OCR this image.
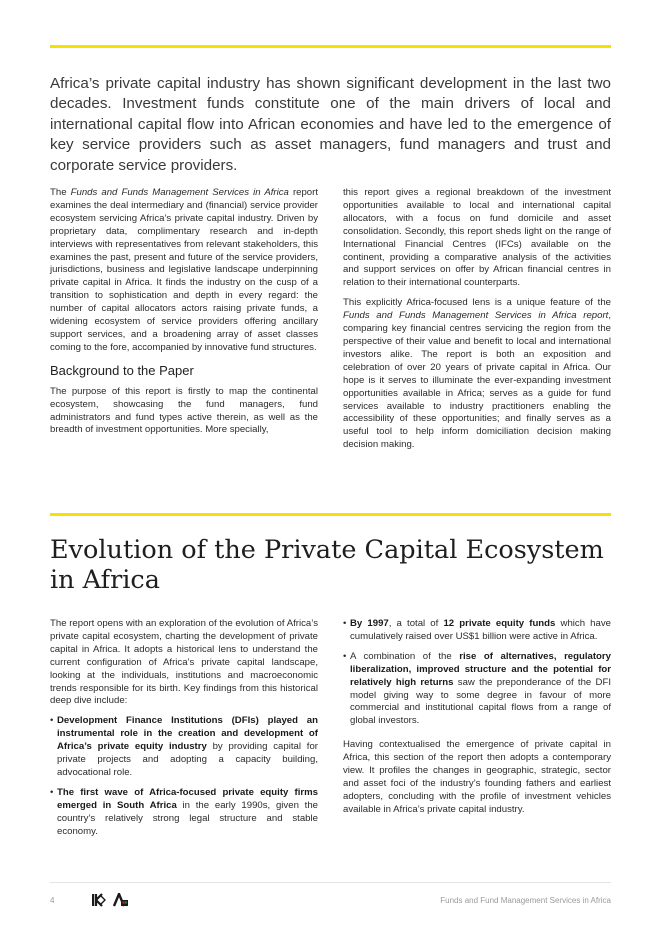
Africa’s private capital industry has shown significant development in the last two decades. Investment funds constitute one of the main drivers of local and international capital flow into African economies and have led to the emergence of key service providers such as asset managers, fund managers and trust and corporate service providers.

The Funds and Funds Management Services in Africa report examines the deal intermediary and (financial) service provider ecosystem servicing Africa’s private capital industry. Driven by proprietary data, complimentary research and in-depth interviews with representatives from relevant stakeholders, this examines the past, present and future of the service providers, jurisdictions, business and legislative landscape underpinning private capital in Africa. It finds the industry on the cusp of a transition to sophistication and depth in every regard: the number of capital allocators actors raising private funds, a widening ecosystem of service providers offering ancillary support services, and a broadening array of asset classes coming to the fore, accompanied by innovative fund structures.

Background to the Paper

The purpose of this report is firstly to map the continental ecosystem, showcasing the fund managers, fund administrators and fund types active therein, as well as the breadth of investment opportunities. More specially,

this report gives a regional breakdown of the investment opportunities available to local and international capital allocators, with a focus on fund domicile and asset consolidation. Secondly, this report sheds light on the range of International Financial Centres (IFCs) available on the continent, providing a comparative analysis of the activities and support services on offer by African financial centres in relation to their international counterparts.

This explicitly Africa-focused lens is a unique feature of the Funds and Funds Management Services in Africa report, comparing key financial centres servicing the region from the perspective of their value and benefit to local and international investors alike. The report is both an exposition and celebration of over 20 years of private capital in Africa. Our hope is it serves to illuminate the ever-expanding investment opportunities available in Africa; serves as a guide for fund services available to industry practitioners enabling the accessibility of these opportunities; and finally serves as a useful tool to help inform domiciliation decision making decision making.

Evolution of the Private Capital Ecosystem in Africa

The report opens with an exploration of the evolution of Africa’s private capital ecosystem, charting the development of private capital in Africa. It adopts a historical lens to understand the current configuration of Africa’s private capital landscape, looking at the individuals, institutions and macroeconomic trends responsible for its birth. Key findings from this historical deep dive include:

• Development Finance Institutions (DFIs) played an instrumental role in the creation and development of Africa’s private equity industry by providing capital for private projects and adopting a capacity building, advocational role.
• The first wave of Africa-focused private equity firms emerged in South Africa in the early 1990s, given the country’s relatively strong legal structure and stable economy.
• By 1997, a total of 12 private equity funds which have cumulatively raised over US$1 billion were active in Africa.
• A combination of the rise of alternatives, regulatory liberalization, improved structure and the potential for relatively high returns saw the preponderance of the DFI model giving way to some degree in favour of more commercial and institutional capital flows from a range of global investors.

Having contextualised the emergence of private capital in Africa, this section of the report then adopts a contemporary view. It profiles the changes in geographic, strategic, sector and asset foci of the industry’s founding fathers and earliest adopters, concluding with the profile of investment vehicles available in Africa’s private capital industry.

4	Funds and Fund Management Services in Africa
